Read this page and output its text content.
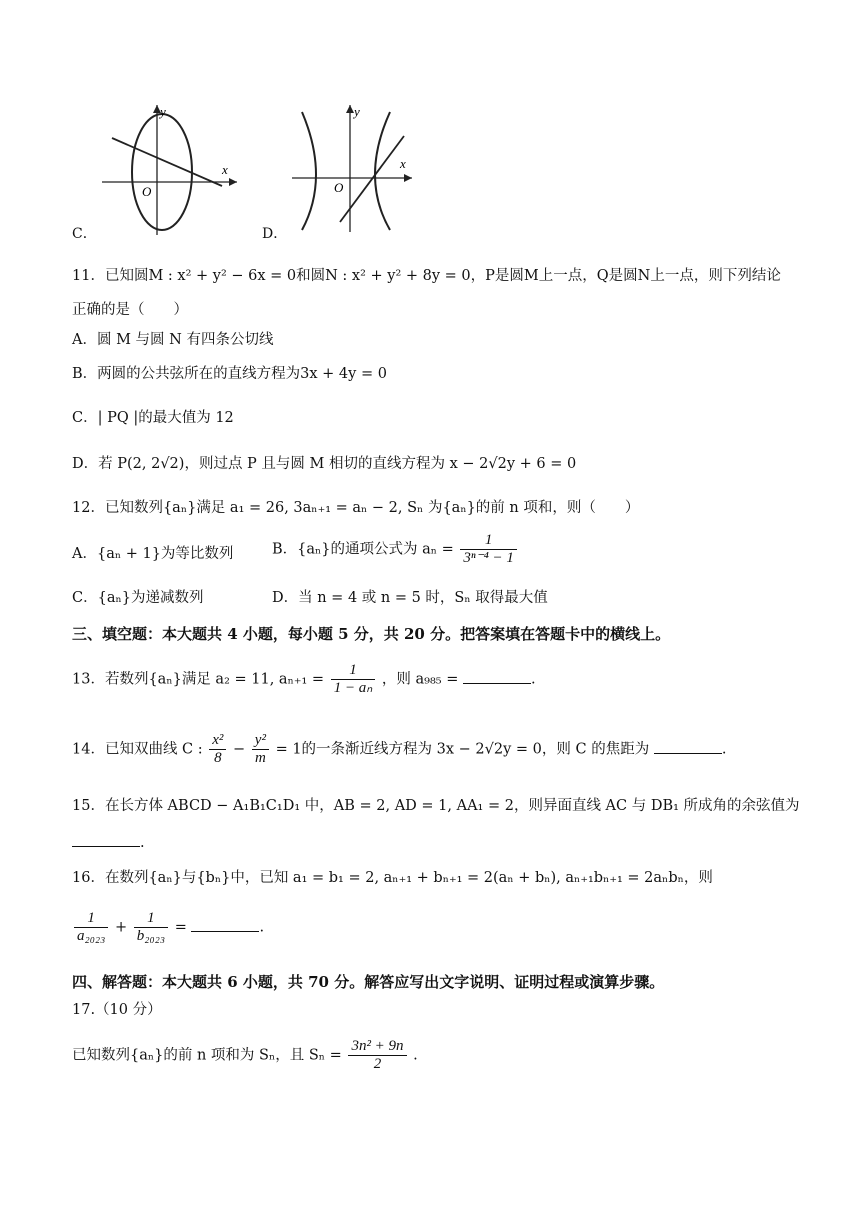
y
x
O
C．
y
x
O
D．
11．已知圆M : x² + y² − 6x = 0和圆N : x² + y² + 8y = 0，P是圆M上一点，Q是圆N上一点，则下列结论
正确的是（　　）
A．圆 M 与圆 N 有四条公切线
B．两圆的公共弦所在的直线方程为3x + 4y = 0
C．| PQ |的最大值为 12
D．若 P(2, 2√2)，则过点 P 且与圆 M 相切的直线方程为 x − 2√2y + 6 = 0
12．已知数列{aₙ}满足 a₁ = 26, 3aₙ₊₁ = aₙ − 2, Sₙ 为{aₙ}的前 n 项和，则（　　）
A．{aₙ + 1}为等比数列	B．{aₙ}的通项公式为 $a_n = \frac{1}{\text{3ⁿ⁻⁴ − 1}}$
C．{aₙ}为递减数列	D．当 n = 4 或 n = 5 时，Sₙ 取得最大值
三、填空题：本大题共 4 小题，每小题 5 分，共 20 分。把答案填在答题卡中的横线上。
13．若数列{aₙ}满足 a₂ = 11, $a_{n+1} = \frac{1}{\text{1 − aₙ}}$ ，则 a₉₈₅ =	.
14．已知双曲线 C : $\frac{\text{x²}}{8} - \frac{\text{y²}}{m} = 1$的一条渐近线方程为 3x − 2√2y = 0，则 C 的焦距为	.
15．在长方体 ABCD − A₁B₁C₁D₁ 中，AB = 2, AD = 1, AA₁ = 2，则异面直线 AC 与 DB₁ 所成角的余弦值为
.
16．在数列{aₙ}与{bₙ}中，已知 a₁ = b₁ = 2, aₙ₊₁ + bₙ₊₁ = 2(aₙ + bₙ), aₙ₊₁bₙ₊₁ = 2aₙbₙ，则
$\frac{1}{\text{a₂₀₂₃}} + \frac{1}{\text{b₂₀₂₃}}$ =	.
四、解答题：本大题共 6 小题，共 70 分。解答应写出文字说明、证明过程或演算步骤。
17.（10 分）
已知数列{aₙ}的前 n 项和为 Sₙ，且 $S_n = \frac{\text{3n² + 9n}}{2}$ .
